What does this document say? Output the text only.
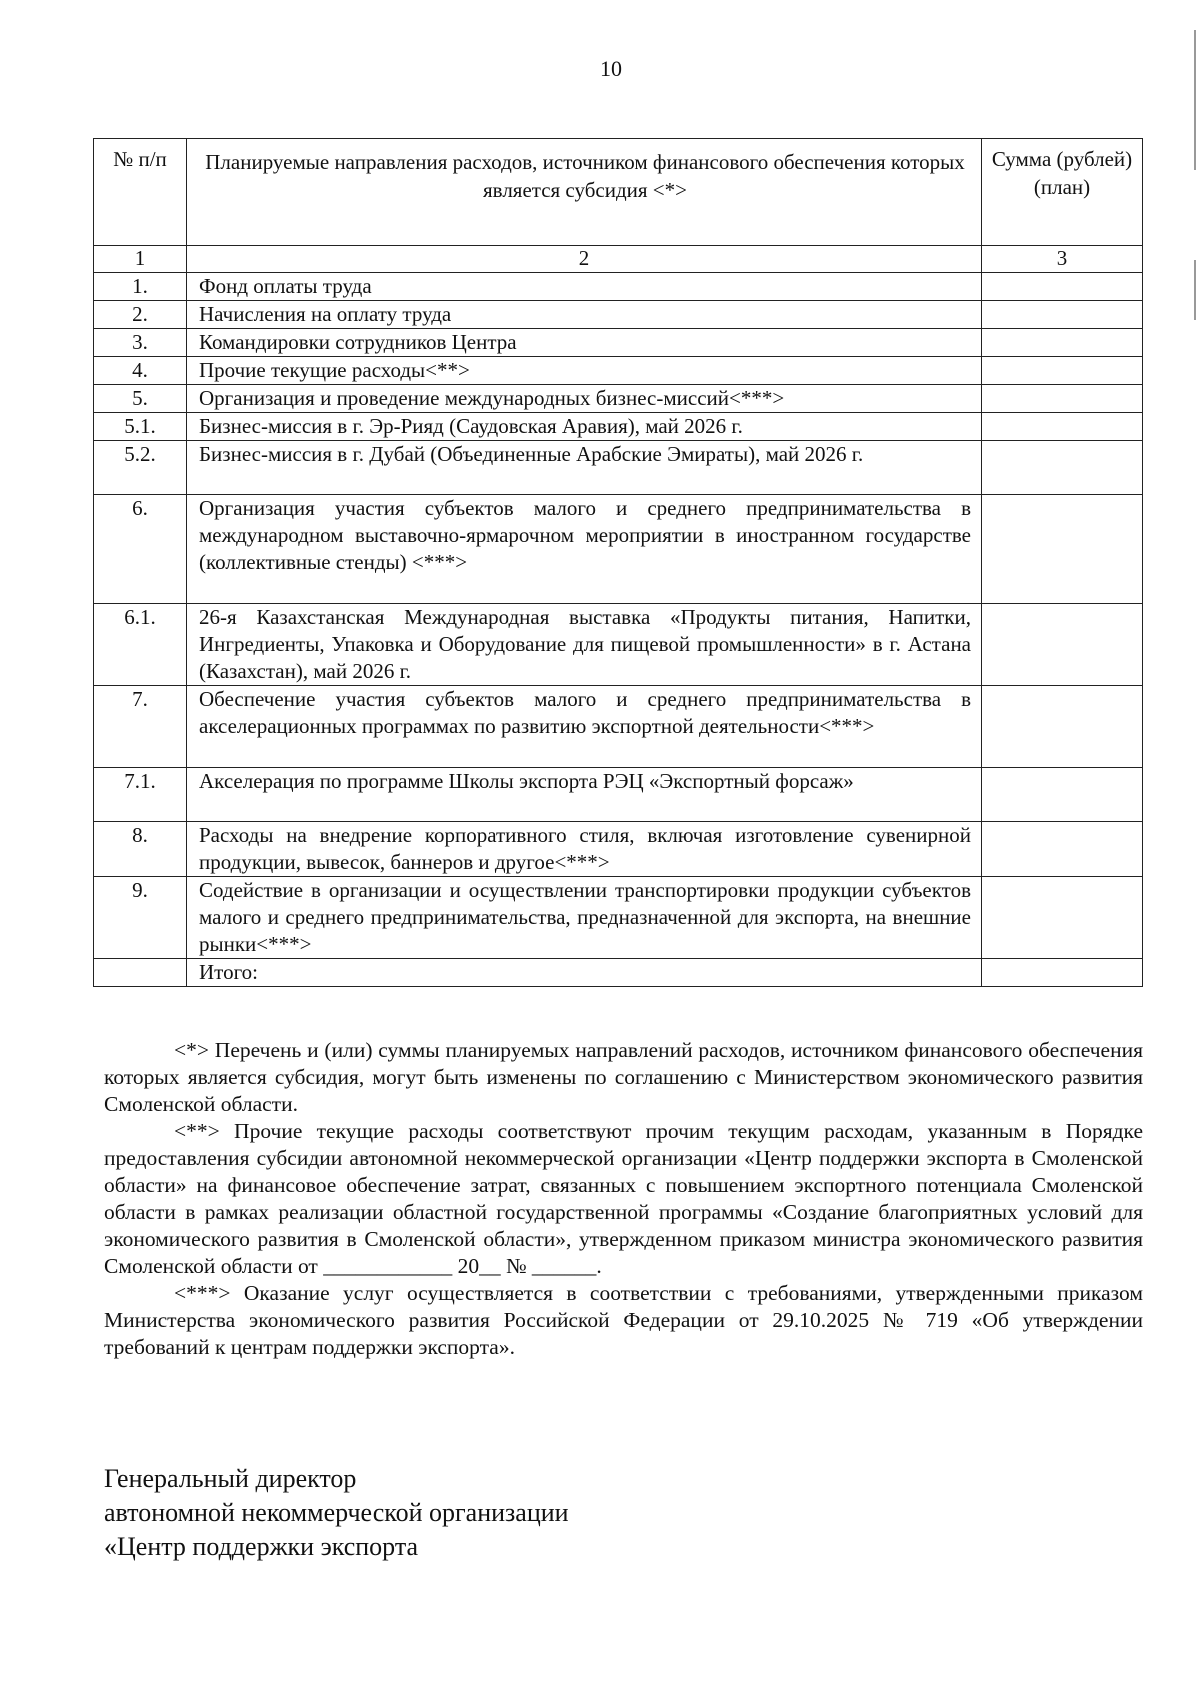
10
№ п/п	Планируемые направления расходов, источником финансового обеспечения которых является субсидия <*>	Сумма (рублей) (план)
1	2	3
1.	Фонд оплаты труда	
2.	Начисления на оплату труда	
3.	Командировки сотрудников Центра	
4.	Прочие текущие расходы<**>	
5.	Организация и проведение международных бизнес-миссий<***>	
5.1.	Бизнес-миссия в г. Эр-Рияд (Саудовская Аравия), май 2026 г.	
5.2.	Бизнес-миссия в г. Дубай (Объединенные Арабские Эмираты), май 2026 г.	
6.	Организация участия субъектов малого и среднего предпринимательства в международном выставочно-ярмарочном мероприятии в иностранном государстве (коллективные стенды) <***>	
6.1.	26-я Казахстанская Международная выставка «Продукты питания, Напитки, Ингредиенты, Упаковка и Оборудование для пищевой промышленности» в г. Астана (Казахстан), май 2026 г.	
7.	Обеспечение участия субъектов малого и среднего предпринимательства в акселерационных программах по развитию экспортной деятельности<***>	
7.1.	Акселерация по программе Школы экспорта РЭЦ «Экспортный форсаж»	
8.	Расходы на внедрение корпоративного стиля, включая изготовление сувенирной продукции, вывесок, баннеров и другое<***>	
9.	Содействие в организации и осуществлении транспортировки продукции субъектов малого и среднего предпринимательства, предназначенной для экспорта, на внешние рынки<***>	
	Итого:	

<*> Перечень и (или) суммы планируемых направлений расходов, источником финансового обеспечения которых является субсидия, могут быть изменены по соглашению с Министерством экономического развития Смоленской области.

<**> Прочие текущие расходы соответствуют прочим текущим расходам, указанным в Порядке предоставления субсидии автономной некоммерческой организации «Центр поддержки экспорта в Смоленской области» на финансовое обеспечение затрат, связанных с повышением экспортного потенциала Смоленской области в рамках реализации областной государственной программы «Создание благоприятных условий для экономического развития в Смоленской области», утвержденном приказом министра экономического развития Смоленской области от ____________ 20__ № ______.

<***> Оказание услуг осуществляется в соответствии с требованиями, утвержденными приказом Министерства экономического развития Российской Федерации от 29.10.2025 № 719 «Об утверждении требований к центрам поддержки экспорта».

Генеральный директор
автономной некоммерческой организации
«Центр поддержки экспорта
